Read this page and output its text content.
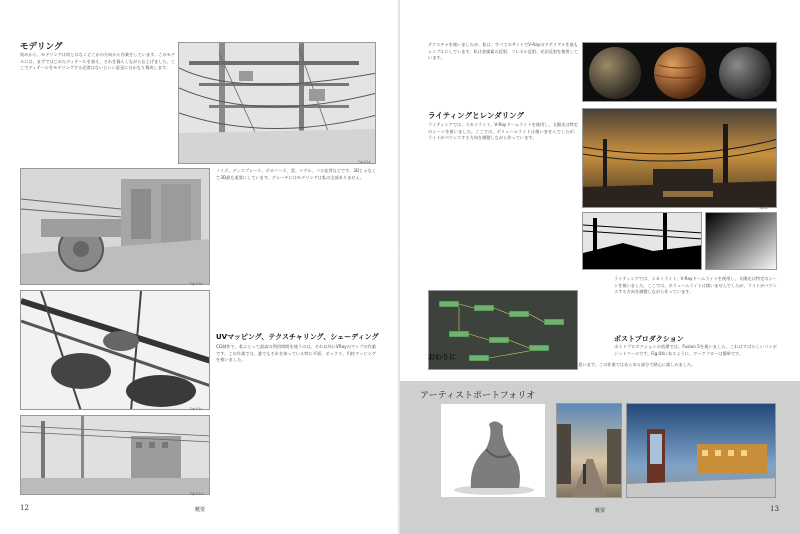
モデリング
始めから、モデリングは何とはなくどこかの方向から作業をしています。このモデルには、まずではじめたディテールを加え、それを暮らしながら仕上げました。ここでディテールをモデリングする必要はないといい意見にはかなり賛成します。
Fig.01a
ノイズ、ディスプレース、ボロノーズ、雲、リグル、パス並列などです。3Dじゃなくて3D最も重要にしています。グレーチにはモデリングは私の全部ありません。
Fig.01b
Fig.01c
UVマッピング、テクスチャリング、シェーディング
CG制作で、私にとって最高の利用時間を使うのは、それ以外にVRayのマップの作業です。この作業では、誰でもそれを知っている特に平面、ボックス、円柱マッピングを使いました。
Fig.01d
12	概要
テクスチャを使いましたが、私は、すべてのサイトでV-Rayのマテリアルを最もシンプルにしています。私は金属素の反射、フレネル反射、光沢反射を使用しています。
ライティングとレンダリング
ライティングでは、スカイライト、V-Rayドームライトを使用し、太陽光は特定のシーンを使いました。ここでは、ボリュームライトは使いませんでしたが、ライトがバウンスする方向を調整しながら作っています。
Fig.03
ライティングでは、スカイライト、V-Rayドームライトを使用し、太陽光は特定のシーンを使いました。ここでは、ボリュームライトは使いませんでしたが、ライトがバウンスする方向を調整しながら作っています。
ポストプロダクション
ポストプロダクションの処理では、Fusion 5を使いました。これはすばらしいコンポジットツールです。Fig.04にあるように、ワークフローは簡単です。
おわりに
ここまで説明した、私の様々なテクニックや個々の情報がおわかりいただけたと思います。この作業ではあらゆる部分で熱心に楽しみました。
アーティストポートフォリオ
13
概要
